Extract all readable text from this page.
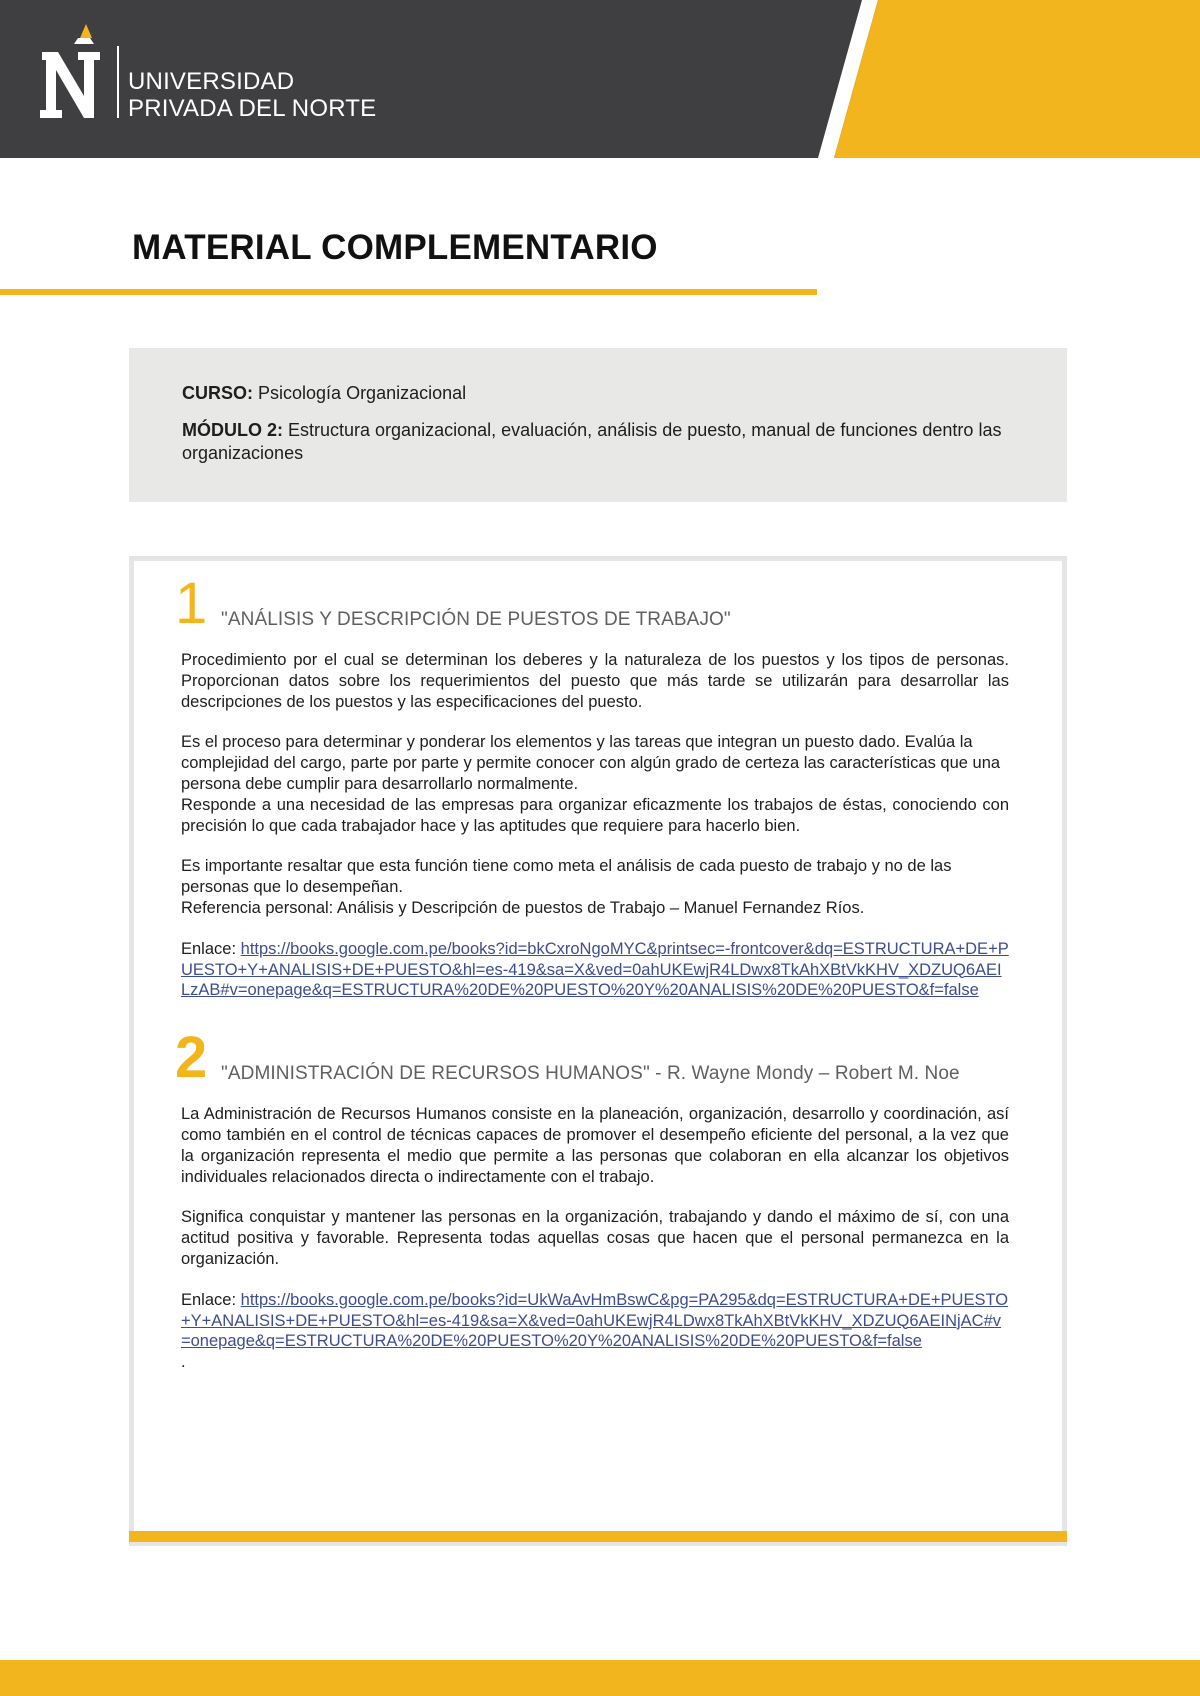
UNIVERSIDAD
PRIVADA DEL NORTE
MATERIAL COMPLEMENTARIO

CURSO: Psicología Organizacional

MÓDULO 2: Estructura organizacional, evaluación, análisis de puesto, manual de funciones dentro las organizaciones

1 "ANÁLISIS Y DESCRIPCIÓN DE PUESTOS DE TRABAJO"

Procedimiento por el cual se determinan los deberes y la naturaleza de los puestos y los tipos de personas. Proporcionan datos sobre los requerimientos del puesto que más tarde se utilizarán para desarrollar las descripciones de los puestos y las especificaciones del puesto.

Es el proceso para determinar y ponderar los elementos y las tareas que integran un puesto dado. Evalúa la complejidad del cargo, parte por parte y permite conocer con algún grado de certeza las características que una persona debe cumplir para desarrollarlo normalmente.

Responde a una necesidad de las empresas para organizar eficazmente los trabajos de éstas, conociendo con precisión lo que cada trabajador hace y las aptitudes que requiere para hacerlo bien.

Es importante resaltar que esta función tiene como meta el análisis de cada puesto de trabajo y no de las personas que lo desempeñan.

Referencia personal: Análisis y Descripción de puestos de Trabajo – Manuel Fernandez Ríos.

Enlace: https://books.google.com.pe/books?id=bkCxroNgoMYC&printsec=-frontcover&dq=ESTRUCTURA+DE+PUESTO+Y+ANALISIS+DE+PUESTO&hl=es-419&sa=X&ved=0ahUKEwjR4LDwx8TkAhXBtVkKHV_XDZUQ6AEILzAB#v=onepage&q=ESTRUCTURA%20DE%20PUESTO%20Y%20ANALISIS%20DE%20PUESTO&f=false

2 "ADMINISTRACIÓN DE RECURSOS HUMANOS" - R. Wayne Mondy – Robert M. Noe

La Administración de Recursos Humanos consiste en la planeación, organización, desarrollo y coordinación, así como también en el control de técnicas capaces de promover el desempeño eficiente del personal, a la vez que la organización representa el medio que permite a las personas que colaboran en ella alcanzar los objetivos individuales relacionados directa o indirectamente con el trabajo.

Significa conquistar y mantener las personas en la organización, trabajando y dando el máximo de sí, con una actitud positiva y favorable. Representa todas aquellas cosas que hacen que el personal permanezca en la organización.

Enlace: https://books.google.com.pe/books?id=UkWaAvHmBswC&pg=PA295&dq=ESTRUCTURA+DE+PUESTO+Y+ANALISIS+DE+PUESTO&hl=es-419&sa=X&ved=0ahUKEwjR4LDwx8TkAhXBtVkKHV_XDZUQ6AEINjAC#v=onepage&q=ESTRUCTURA%20DE%20PUESTO%20Y%20ANALISIS%20DE%20PUESTO&f=false

.
